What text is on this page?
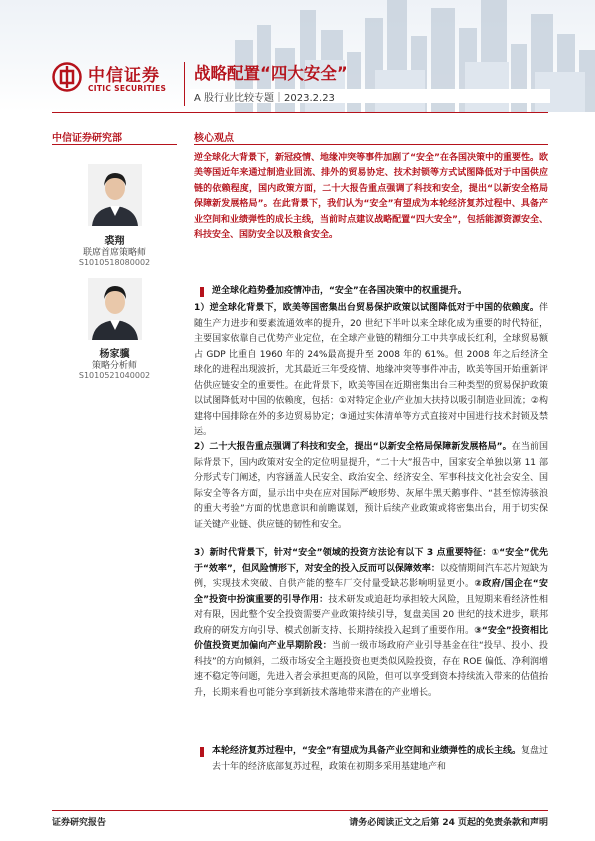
中信证券
CITIC SECURITIES
战略配置“四大安全”
A 股行业比较专题｜2023.2.23
中信证券研究部	核心观点
裘翔
联席首席策略师
S1010518080002
杨家骥
策略分析师
S1010521040002
逆全球化大背景下，新冠疫情、地缘冲突等事件加剧了“安全”在各国决策中的重要性。欧美等国近年来通过制造业回流、排外的贸易协定、技术封锁等方式试图降低对于中国供应链的依赖程度，国内政策方面，二十大报告重点强调了科技和安全，提出“以新安全格局保障新发展格局”。在此背景下，我们认为“安全”有望成为本轮经济复苏过程中、具备产业空间和业绩弹性的成长主线，当前时点建议战略配置“四大安全”，包括能源资源安全、科技安全、国防安全以及粮食安全。
逆全球化趋势叠加疫情冲击，“安全”在各国决策中的权重提升。
1）逆全球化背景下，欧美等国密集出台贸易保护政策以试图降低对于中国的依赖度。伴随生产力进步和要素流通效率的提升，20 世纪下半叶以来全球化成为重要的时代特征，主要国家依靠自己优势产业定位，在全球产业链的精细分工中共享成长红利，全球贸易额占 GDP 比重自 1960 年的 24%最高提升至 2008 年的 61%。但 2008 年之后经济全球化的进程出现波折，尤其最近三年受疫情、地缘冲突等事件冲击，欧美等国开始重新评估供应链安全的重要性。在此背景下，欧美等国在近期密集出台三种类型的贸易保护政策以试图降低对中国的依赖度，包括：①对特定企业/产业加大扶持以吸引制造业回流；②构建将中国排除在外的多边贸易协定；③通过实体清单等方式直接对中国进行技术封锁及禁运。
2）二十大报告重点强调了科技和安全，提出“以新安全格局保障新发展格局”。在当前国际背景下，国内政策对安全的定位明显提升，“二十大”报告中，国家安全单独以第 11 部分形式专门阐述，内容涵盖人民安全、政治安全、经济安全、军事科技文化社会安全、国际安全等各方面，显示出中央在应对国际严峻形势、灰犀牛黑天鹅事件、“甚至惊涛骇浪的重大考验”方面的忧患意识和前瞻谋划，预计后续产业政策或将密集出台，用于切实保证关键产业链、供应链的韧性和安全。
3）新时代背景下，针对“安全”领域的投资方法论有以下 3 点重要特征：①“安全”优先于“效率”，但风险情形下，对安全的投入反而可以保障效率：以疫情期间汽车芯片短缺为例，实现技术突破、自供产能的整车厂交付量受缺芯影响明显更小。②政府/国企在“安全”投资中扮演重要的引导作用：技术研发或追赶均承担较大风险，且短期来看经济性相对有限，因此整个安全投资需要产业政策持续引导，复盘美国 20 世纪的技术进步，联邦政府的研发方向引导、模式创新支持、长期持续投入起到了重要作用。③“安全”投资相比价值投资更加偏向产业早期阶段：当前一级市场政府产业引导基金在往“投早、投小、投科技”的方向倾斜，二级市场安全主题投资也更类似风险投资，存在 ROE 偏低、净利润增速不稳定等问题，先进入者会承担更高的风险，但可以享受到资本持续流入带来的估值抬升，长期来看也可能分享到新技术落地带来潜在的产业增长。
本轮经济复苏过程中，“安全”有望成为具备产业空间和业绩弹性的成长主线。复盘过去十年的经济底部复苏过程，政策在初期多采用基建地产和
证券研究报告	请务必阅读正文之后第 24 页起的免责条款和声明
